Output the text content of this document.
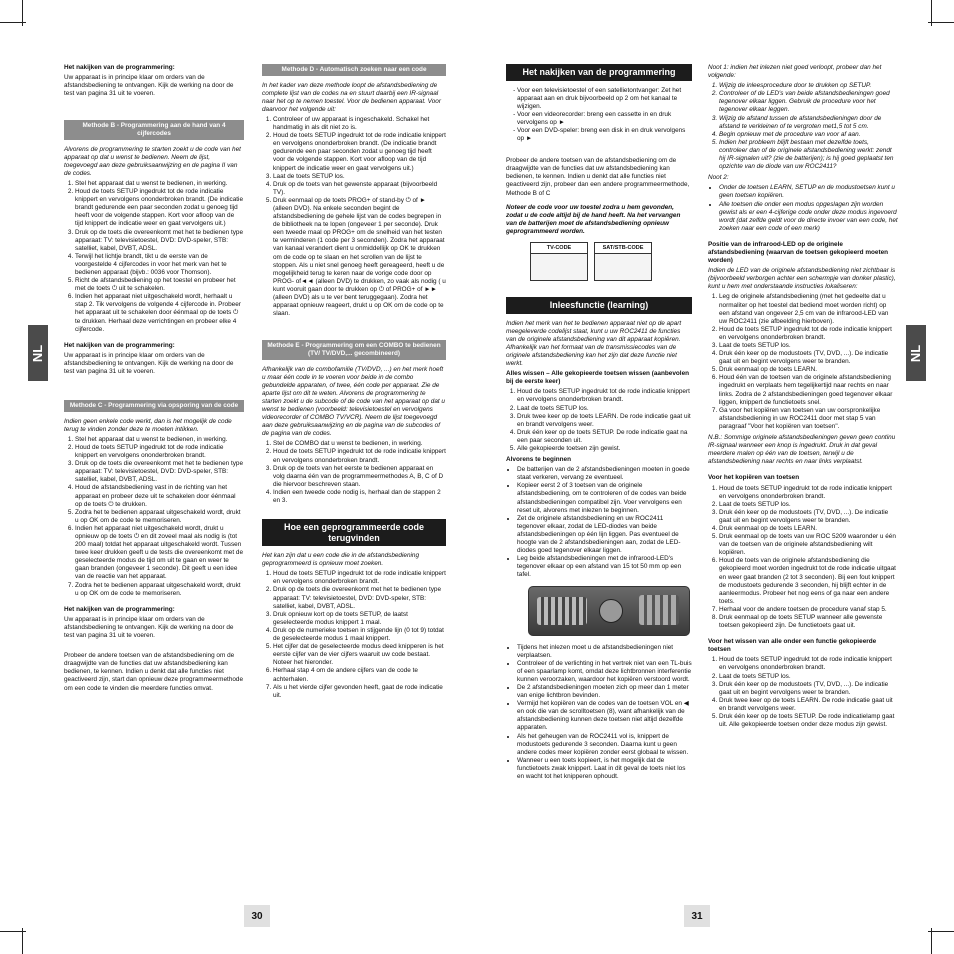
NL	NL
30	31

Het nakijken van de programmering:

Uw apparaat is in principe klaar om orders van de afstandsbediening te ontvangen. Kijk de werking na door de test van pagina 31 uit te voeren.

Methode B - Programmering aan de hand van 4 cijfercodes

Alvorens de programmering te starten zoekt u de code van het apparaat op dat u wenst te bedienen. Neem de lijst, toegevoegd aan deze gebruiksaanwijzing en de pagina II van de codes.

1. Stel het apparaat dat u wenst te bedienen, in werking.
2. Houd de toets SETUP ingedrukt tot de rode indicatie knippert en vervolgens ononderbroken brandt. (De indicatie brandt gedurende een paar seconden zodat u genoeg tijd heeft voor de volgende stappen. Kort voor afloop van de tijd knippert de indicatie weer en gaat vervolgens uit.)
3. Druk op de toets die overeenkomt met het te bedienen type apparaat: TV: televisietoestel, DVD: DVD-speler, STB: satelliet, kabel, DVBT, ADSL.
4. Terwijl het lichtje brandt, tikt u de eerste van de voorgestelde 4 cijfercodes in voor het merk van het te bedienen apparaat (bijvb.: 0036 voor Thomson).
5. Richt de afstandsbediening op het toestel en probeer het met de toets ⏻ uit te schakelen.
6. Indien het apparaat niet uitgeschakeld wordt, herhaalt u stap 2. Tik vervolgens de volgende 4 cijfercode in. Probeer het apparaat uit te schakelen door éénmaal op de toets ⏻ te drukken. Herhaal deze verrichtingen en probeer elke 4 cijfercode.

Het nakijken van de programmering:

Uw apparaat is in principe klaar om orders van de afstandsbediening te ontvangen. Kijk de werking na door de test van pagina 31 uit te voeren.

Methode C - Programmering via opsporing van de code

Indien geen enkele code werkt, dan is het mogelijk de code terug te vinden zonder deze te moeten intikken.

1. Stel het apparaat dat u wenst te bedienen, in werking.
2. Houd de toets SETUP ingedrukt tot de rode indicatie knippert en vervolgens ononderbroken brandt.
3. Druk op de toets die overeenkomt met het te bedienen type apparaat: TV: televisietoestel, DVD: DVD-speler, STB: satelliet, kabel, DVBT, ADSL.
4. Houd de afstandsbediening vast in de richting van het apparaat en probeer deze uit te schakelen door éénmaal op de toets ⏻ te drukken.
5. Zodra het te bedienen apparaat uitgeschakeld wordt, drukt u op OK om de code te memoriseren.
6. Indien het apparaat niet uitgeschakeld wordt, drukt u opnieuw op de toets ⏻ en dit zoveel maal als nodig is (tot 200 maal) totdat het apparaat uitgeschakeld wordt. Tussen twee keer drukken geeft u de tests die overeenkomt met de geselecteerde modus de tijd om uit te gaan en weer te gaan branden (ongeveer 1 seconde). Dit geeft u een idee van de reactie van het apparaat.
7. Zodra het te bedienen apparaat uitgeschakeld wordt, drukt u op OK om de code te memoriseren.

Het nakijken van de programmering:

Uw apparaat is in principe klaar om orders van de afstandsbediening te ontvangen. Kijk de werking na door de test van pagina 31 uit te voeren.

Probeer de andere toetsen van de afstandsbediening om de draagwijdte van de functies dat uw afstandsbediening kan bedienen, te kennen. Indien u denkt dat alle functies niet geactiveerd zijn, start dan opnieuw deze programmeermethode om een code te vinden die meerdere functies omvat.

Methode D - Automatisch zoeken naar een code

In het kader van deze methode loopt de afstandsbediening de complete lijst van de codes na en stuurt daarbij een IR-signaal naar het op te nemen toestel. Voor de bedienen apparaat. Voor daarvoor het volgende uit:

1. Controleer of uw apparaat is ingeschakeld. Schakel het handmatig in als dit niet zo is.
2. Houd de toets SETUP ingedrukt tot de rode indicatie knippert en vervolgens ononderbroken brandt. (De indicatie brandt gedurende een paar seconden zodat u genoeg tijd heeft voor de volgende stappen. Kort voor afloop van de tijd knippert de indicatie weer en gaat vervolgens uit.)
3. Laat de toets SETUP los.
4. Druk op de toets van het gewenste apparaat (bijvoorbeeld TV).
5. Druk eenmaal op de toets PROG+ of stand-by ⏻ of ► (alleen DVD). Na enkele seconden begint de afstandsbediening de gehele lijst van de codes begrepen in de bibliotheek na te lopen (ongeveer 1 per seconde). Druk een tweede maal op PROG+ om de snelheid van het testen te verminderen (1 code per 3 seconden). Zodra het apparaat van kanaal verandert dient u onmiddellijk op OK te drukken om de code op te slaan en het scrollen van de lijst te stoppen. Als u niet snel genoeg heeft gereageerd, heeft u de mogelijkheid terug te keren naar de vorige code door op PROG- of◄◄ (alleen DVD) te drukken, zo vaak als nodig ( u kunt vooruit gaan door te drukken op ⏻ of PROG+ of ►► (alleen DVD) als u te ver bent teruggegaan). Zodra het apparaat opnieuw reageert, drukt u op OK om de code op te slaan.
Methode E - Programmering om een COMBO te bedienen (TV/ TV/DVD,... gecombineerd)

Afhankelijk van de combofamilie (TV/DVD, ...) en het merk hoeft u maar één code in te voeren voor beide in de combo gebundelde apparaten, of twee, één code per apparaat. Zie de aparte lijst om dit te weten. Alvorens de programmering te starten zoekt u de subcode of de code van het apparaat op dat u wenst te bedienen (voorbeeld: televisietoestel en vervolgens videorecorder of COMBO TV/VCR). Neem de lijst toegevoegd aan deze gebruiksaanwijzing en de pagina van de subcodes of de pagina van de codes.

1. Stel de COMBO dat u wenst te bedienen, in werking.
2. Houd de toets SETUP ingedrukt tot de rode indicatie knippert en vervolgens ononderbroken brandt.
3. Druk op de toets van het eerste te bedienen apparaat en volg daarna één van de programmeermethodes A, B, C of D die hiervoor beschreven staan.
4. Indien een tweede code nodig is, herhaal dan de stappen 2 en 3.
Hoe een geprogrammeerde code terugvinden

Het kan zijn dat u een code die in de afstandsbediening geprogrammeerd is opnieuw moet zoeken.

1. Houd de toets SETUP ingedrukt tot de rode indicatie knippert en vervolgens ononderbroken brandt.
2. Druk op de toets die overeenkomt met het te bedienen type apparaat: TV: televisietoestel, DVD: DVD-speler, STB: satelliet, kabel, DVBT, ADSL.
3. Druk opnieuw kort op de toets SETUP, de laatst geselecteerde modus knippert 1 maal.
4. Druk op de numerieke toetsen in stijgende lijn (0 tot 9) totdat de geselecteerde modus 1 maal knippert.
5. Het cijfer dat de geselecteerde modus deed knipperen is het eerste cijfer van de vier cijfers waaruit uw code bestaat. Noteer het hieronder.
6. Herhaal stap 4 om de andere cijfers van de code te achterhalen.
7. Als u het vierde cijfer gevonden heeft, gaat de rode indicatie uit.
Het nakijken van de programmering
- Voor een televisietoestel of een satellietontvanger: Zet het apparaat aan en druk bijvoorbeeld op 2 om het kanaal te wijzigen.
- Voor een videorecorder: breng een cassette in en druk vervolgens op ►
- Voor een DVD-speler: breng een disk in en druk vervolgens op ►

Probeer de andere toetsen van de afstandsbediening om de draagwijdte van de functies dat uw afstandsbediening kan bedienen, te kennen. Indien u denkt dat alle functies niet geactiveerd zijn, probeer dan een andere programmeermethode, Methode B of C

Noteer de code voor uw toestel zodra u hem gevonden, zodat u de code altijd bij de hand heeft. Na het vervangen van de batterijen moet de afstandsbediening opnieuw geprogrammeerd worden.

TV-CODE	SAT/STB-CODE
Inleesfunctie (learning)

Indien het merk van het te bedienen apparaat niet op de apart meegeleverde codelijst staat, kunt u uw ROC2411 de functies van de originele afstandsbediening van dit apparaat kopiëren. Afhankelijk van het formaat van de transmissiecodes van de originele afstandsbediening kan het zijn dat deze functie niet werkt.

Alles wissen – Alle gekopieerde toetsen wissen (aanbevolen bij de eerste keer)

1. Houd de toets SETUP ingedrukt tot de rode indicatie knippert en vervolgens ononderbroken brandt.
2. Laat de toets SETUP los.
3. Druk twee keer op de toets LEARN. De rode indicatie gaat uit en brandt vervolgens weer.
4. Druk één keer op de toets SETUP. De rode indicatie gaat na een paar seconden uit.
5. Alle gekopieerde toetsen zijn gewist.

Alvorens te beginnen

• De batterijen van de 2 afstandsbedieningen moeten in goede staat verkeren, vervang ze eventueel.
• Kopieer eerst 2 of 3 toetsen van de originele afstandsbediening, om te controleren of de codes van beide afstandsbedieningen compatibel zijn. Voer vervolgens een reset uit, alvorens met inlezen te beginnen.
• Zet de originele afstandsbediening en uw ROC2411 tegenover elkaar, zodat de LED-diodes van beide afstandsbedieningen op één lijn liggen. Pas eventueel de hoogte van de 2 afstandsbedieningen aan, zodat de LED-diodes goed tegenover elkaar liggen.
• Leg beide afstandsbedieningen met de infrarood-LED's tegenover elkaar op een afstand van 15 tot 50 mm op een tafel.
• Tijdens het inlezen moet u de afstandsbedieningen niet verplaatsen.
• Controleer of de verlichting in het vertrek niet van een TL-buis of een spaarlamp komt, omdat deze lichtbronnen interferentie kunnen veroorzaken, waardoor het kopiëren verstoord wordt.
• De 2 afstandsbedieningen moeten zich op meer dan 1 meter van enige lichtbron bevinden.
• Vermijd het kopiëren van de codes van de toetsen VOL en ◀ en ook die van de scrolltoetsen (8), want afhankelijk van de afstandsbediening kunnen deze toetsen niet altijd dezelfde apparaten.
• Als het geheugen van de ROC2411 vol is, knippert de modustoets gedurende 3 seconden. Daarna kunt u geen andere codes meer kopiëren zonder eerst globaal te wissen.
• Wanneer u een toets kopieert, is het mogelijk dat de functietoets zwak knippert. Laat in dit geval de toets niet los en wacht tot het knipperen ophoudt.

Noot 1: indien het inlezen niet goed verloopt, probeer dan het volgende:

1. Wijzig de inleesprocedure door te drukken op SETUP.
2. Controleer of de LED's van beide afstandsbedieningen goed tegenover elkaar liggen. Gebruik de procedure voor het tegenover elkaar leggen.
3. Wijzig de afstand tussen de afstandsbedieningen door de afstand te verkleinen of te vergroten met1,5 tot 5 cm.
4. Begin opnieuw met de procedure van voor af aan.
5. Indien het probleem blijft bestaan met dezelfde toets, controleer dan of de originele afstandsbediening werkt: zendt hij IR-signalen uit? (zie de batterijen); is hij goed geplaatst ten opzichte van de diode van uw ROC2411?

Noot 2:

• Onder de toetsen LEARN, SETUP en de modustoetsen kunt u geen toetsen kopiëren.
• Alle toetsen die onder een modus opgeslagen zijn worden gewist als er een 4-cijferige code onder deze modus ingevoerd wordt (dat zelfde geldt voor de directe invoer van een code, het zoeken naar een code of een merk)

Positie van de infrarood-LED op de originele afstandsbediening (waarvan de toetsen gekopieerd moeten worden)

Indien de LED van de originele afstandsbediening niet zichtbaar is (bijvoorbeeld verborgen achter een schermpje van donker plastic), kunt u hem met onderstaande instructies lokaliseren:

1. Leg de originele afstandsbediening (met het gedeelte dat u normaliter op het toestel dat bediend moet worden richt) op een afstand van ongeveer 2,5 cm van de infrarood-LED van uw ROC2411 (zie afbeelding hierboven).
2. Houd de toets SETUP ingedrukt tot de rode indicatie knippert en vervolgens ononderbroken brandt.
3. Laat de toets SETUP los.
4. Druk één keer op de modustoets (TV, DVD, ...). De indicatie gaat uit en begint vervolgens weer te branden.
5. Druk eenmaal op de toets LEARN.
6. Houd één van de toetsen van de originele afstandsbediening ingedrukt en verplaats hem tegelijkertijd naar rechts en naar links. Zodra de 2 afstandsbedieningen goed tegenover elkaar liggen, knippert de functietoets snel.
7. Ga voor het kopiëren van toetsen van uw oorspronkelijke afstandsbediening in uw ROC2411 door met stap 5 van paragraaf "Voor het kopiëren van toetsen".

N.B.: Sommige originele afstandsbedieningen geven geen continu IR-signaal wanneer een knop is ingedrukt. Druk in dat geval meerdere malen op één van de toetsen, terwijl u de afstandsbediening naar rechts en naar links verplaatst.

Voor het kopiëren van toetsen

1. Houd de toets SETUP ingedrukt tot de rode indicatie knippert en vervolgens ononderbroken brandt.
2. Laat de toets SETUP los.
3. Druk één keer op de modustoets (TV, DVD, ...). De indicatie gaat uit en begint vervolgens weer te branden.
4. Druk eenmaal op de toets LEARN.
5. Druk eenmaal op de toets van uw ROC 5209 waaronder u één van de toetsen van de originele afstandsbediening wilt kopiëren.
6. Houd de toets van de originele afstandsbediening die gekopieerd moet worden ingedrukt tot de rode indicatie uitgaat en weer gaat branden (2 tot 3 seconden). Bij een fout knippert de modustoets gedurende 3 seconden, hij blijft echter in de aanleermodus. Probeer het nog eens of ga naar een andere toets.
7. Herhaal voor de andere toetsen de procedure vanaf stap 5.
8. Druk eenmaal op de toets SETUP wanneer alle gewenste toetsen gekopieerd zijn. De functietoets gaat uit.

Voor het wissen van alle onder een functie gekopieerde toetsen

1. Houd de toets SETUP ingedrukt tot de rode indicatie knippert en vervolgens ononderbroken brandt.
2. Laat de toets SETUP los.
3. Druk één keer op de modustoets (TV, DVD, ...). De indicatie gaat uit en begint vervolgens weer te branden.
4. Druk twee keer op de toets LEARN. De rode indicatie gaat uit en brandt vervolgens weer.
5. Druk één keer op de toets SETUP. De rode indicatielamp gaat uit. Alle gekopieerde toetsen onder deze modus zijn gewist.
